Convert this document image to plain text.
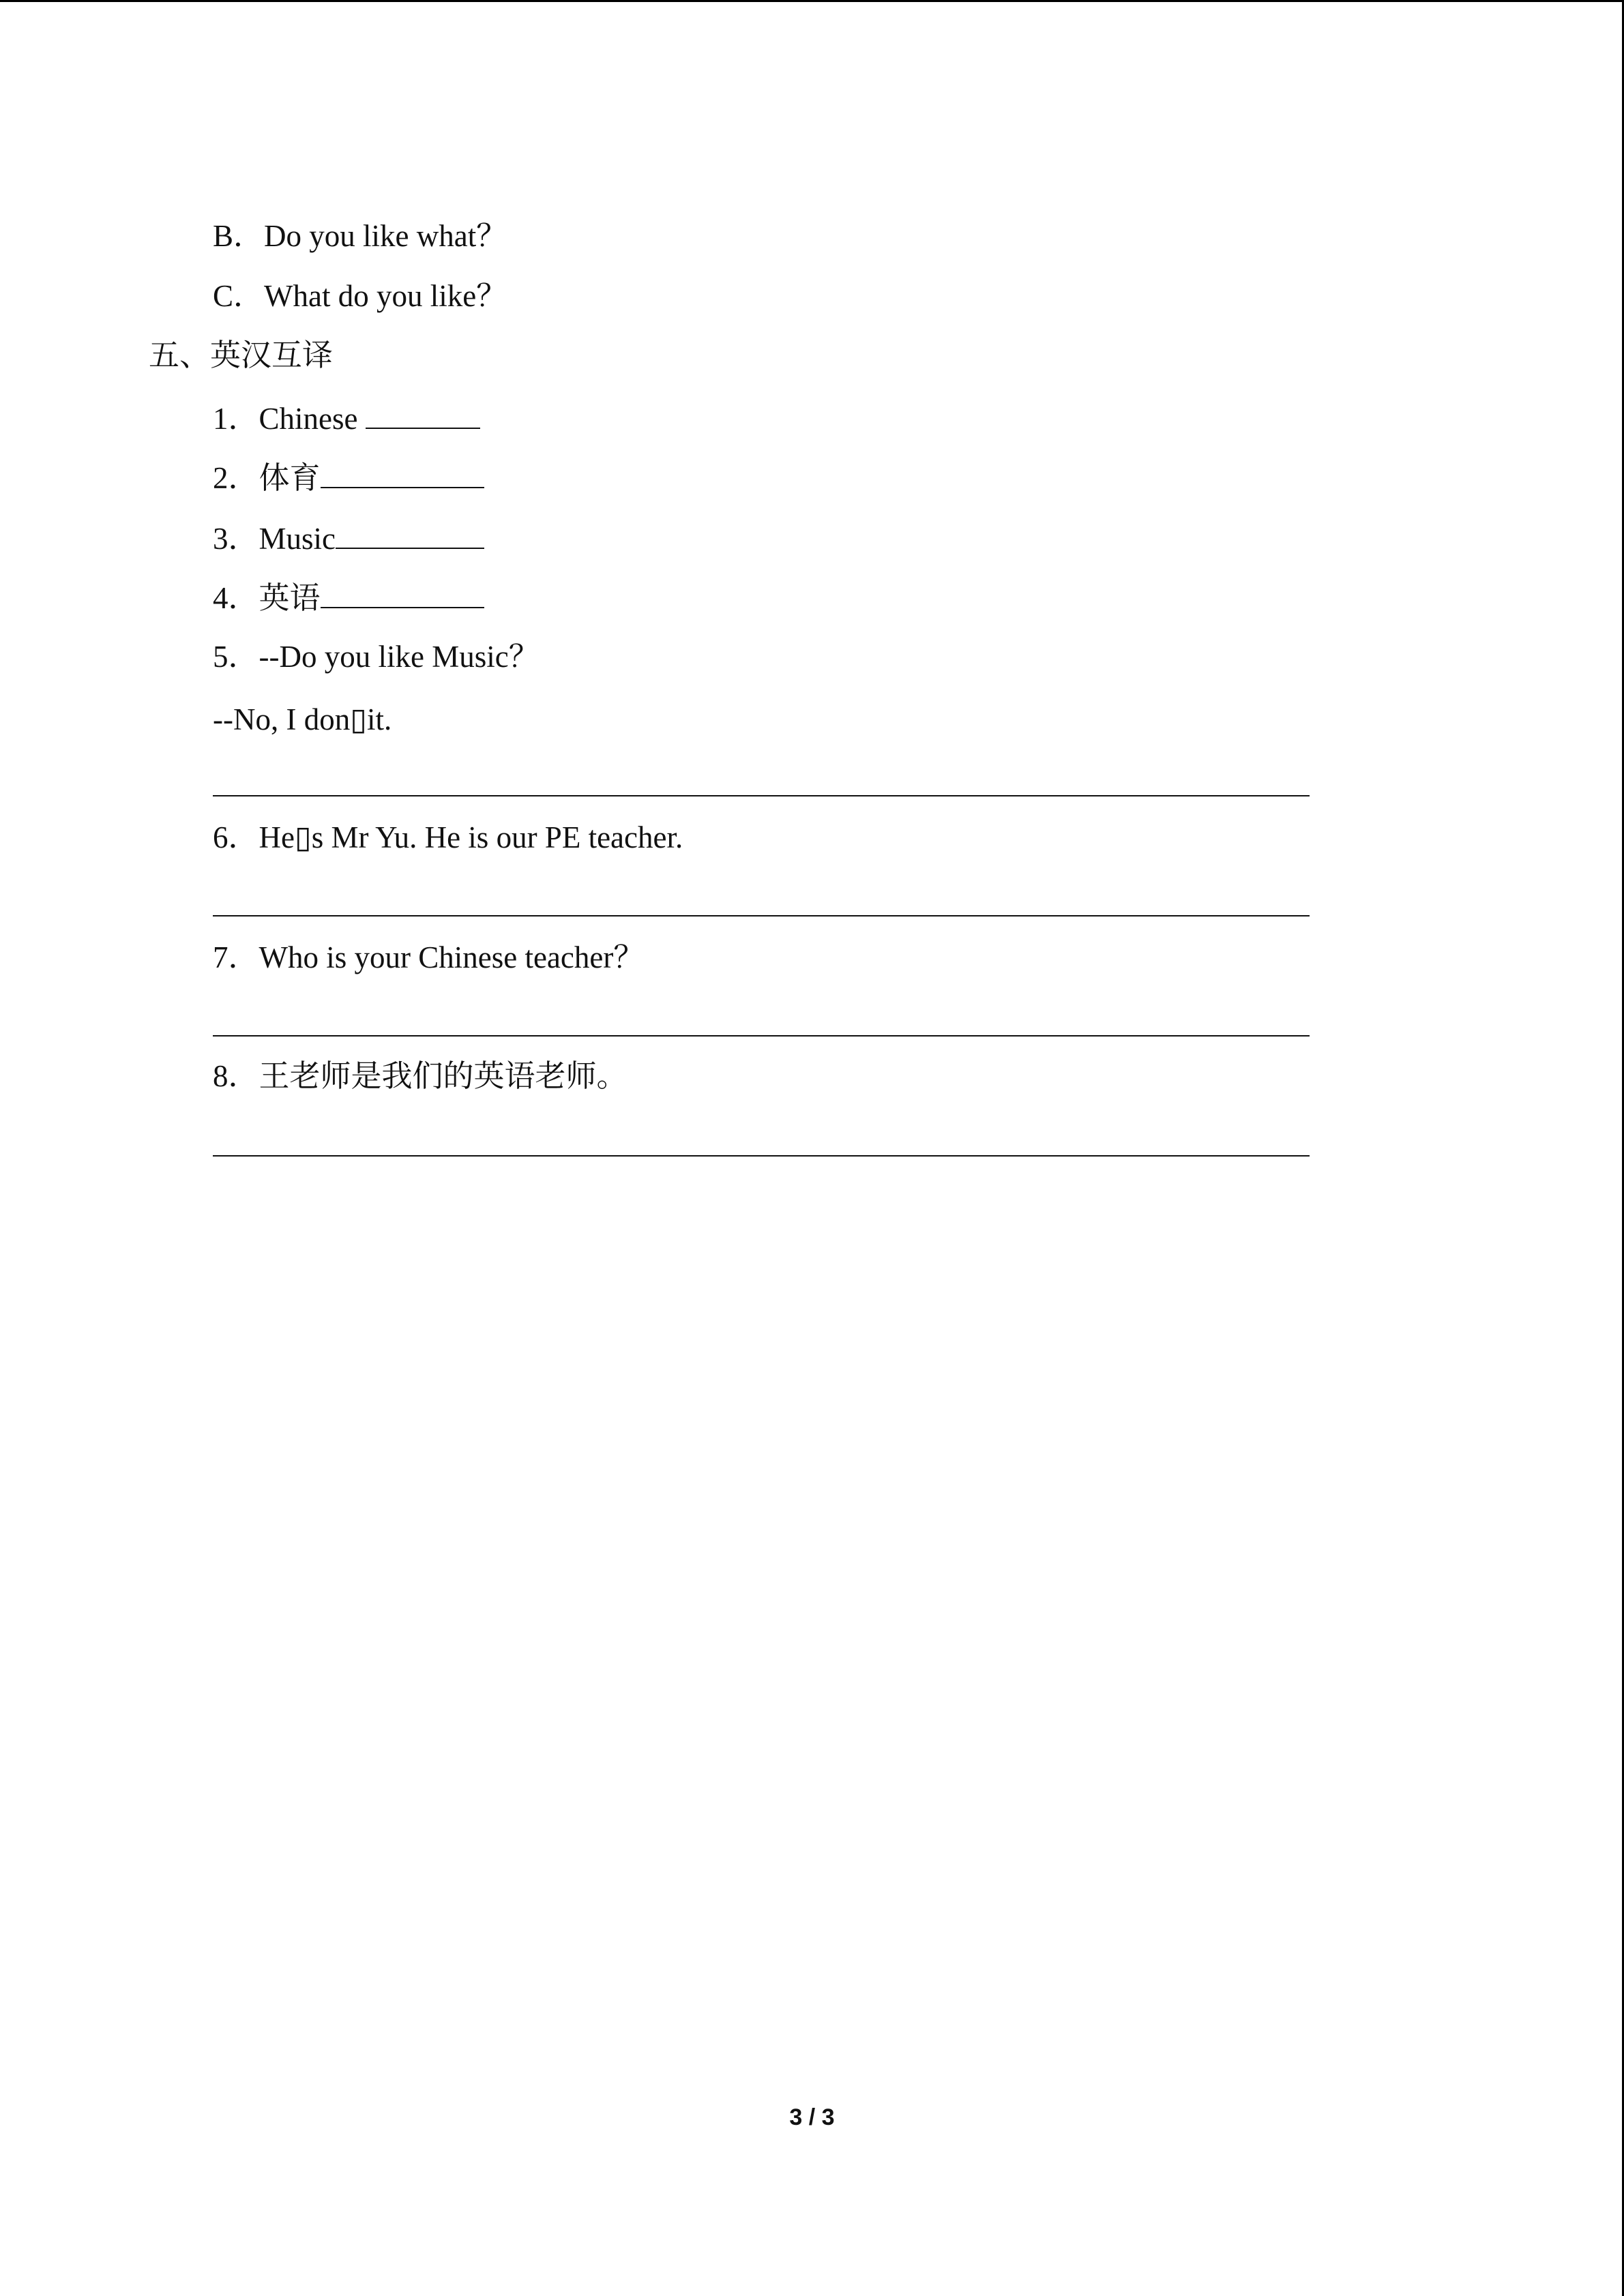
B．Do you like what？
C．What do you like？
五、英汉互译
1．Chinese
2．体育
3．Music
4．英语
5．--Do you like Music？
--No, I don▯it.
6．He▯s Mr Yu. He is our PE teacher.
7．Who is your Chinese teacher？
8．王老师是我们的英语老师。
3 / 3
